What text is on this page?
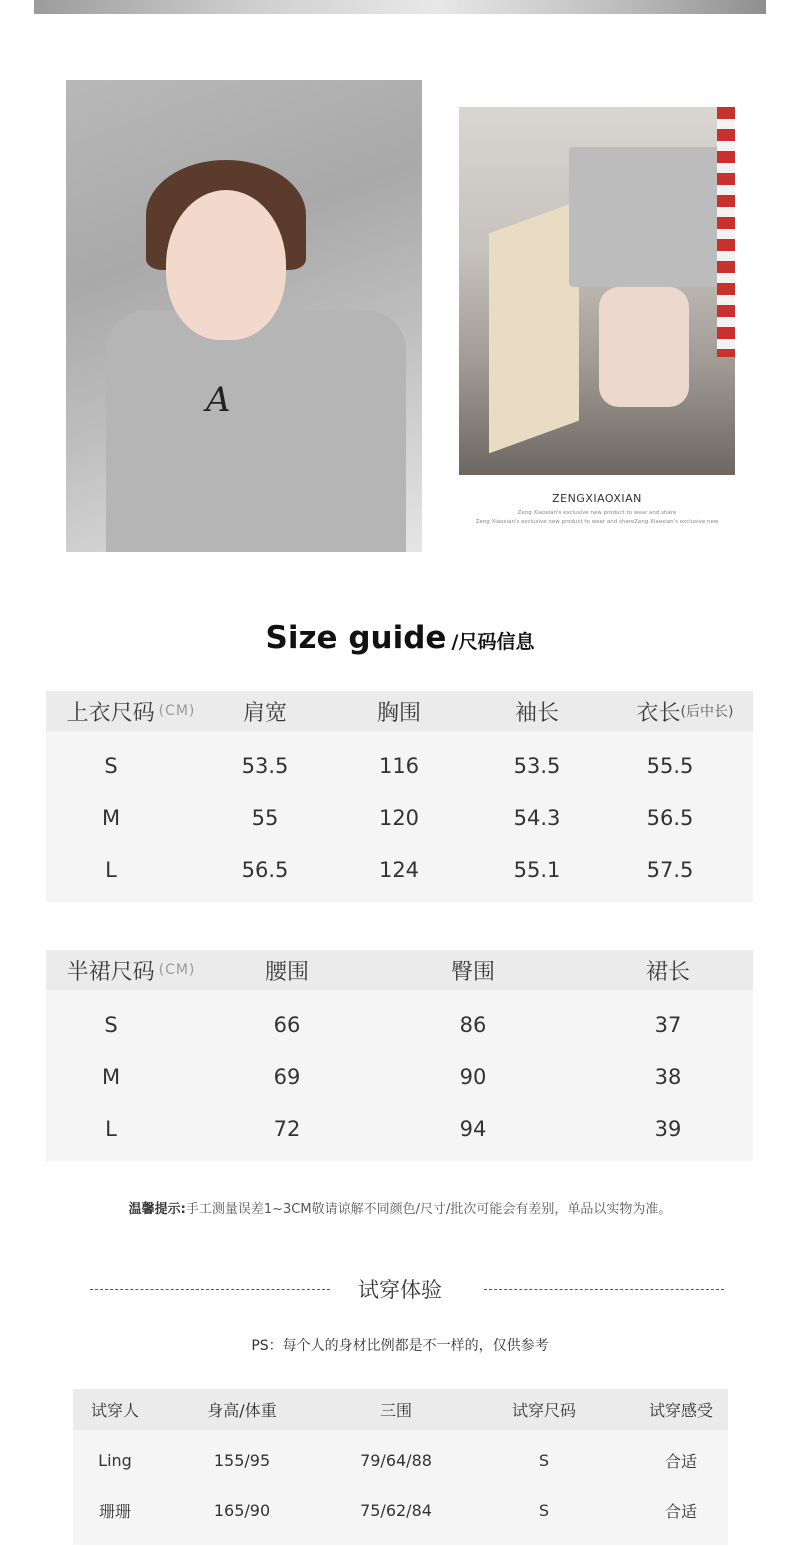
A
ZENGXIAOXIAN
Zeng Xiaoxian's exclusive new product to wear and share
Zeng Xiaoxian's exclusive new product to wear and shareZeng Xiaoxian's exclusive new
Size guide /尺码信息
上衣尺码 (CM)	肩宽	胸围	袖长	衣长 (后中长)
S	53.5	116	53.5	55.5
M	55	120	54.3	56.5
L	56.5	124	55.1	57.5
半裙尺码 (CM)	腰围	臀围	裙长
S	66	86	37
M	69	90	38
L	72	94	39
温馨提示:手工测量误差1~3CM敬请谅解不同颜色/尺寸/批次可能会有差别，单品以实物为准。
试穿体验
PS：每个人的身材比例都是不一样的，仅供参考
试穿人	身高/体重	三围	试穿尺码	试穿感受
Ling	155/95	79/64/88	S	合适
珊珊	165/90	75/62/84	S	合适
